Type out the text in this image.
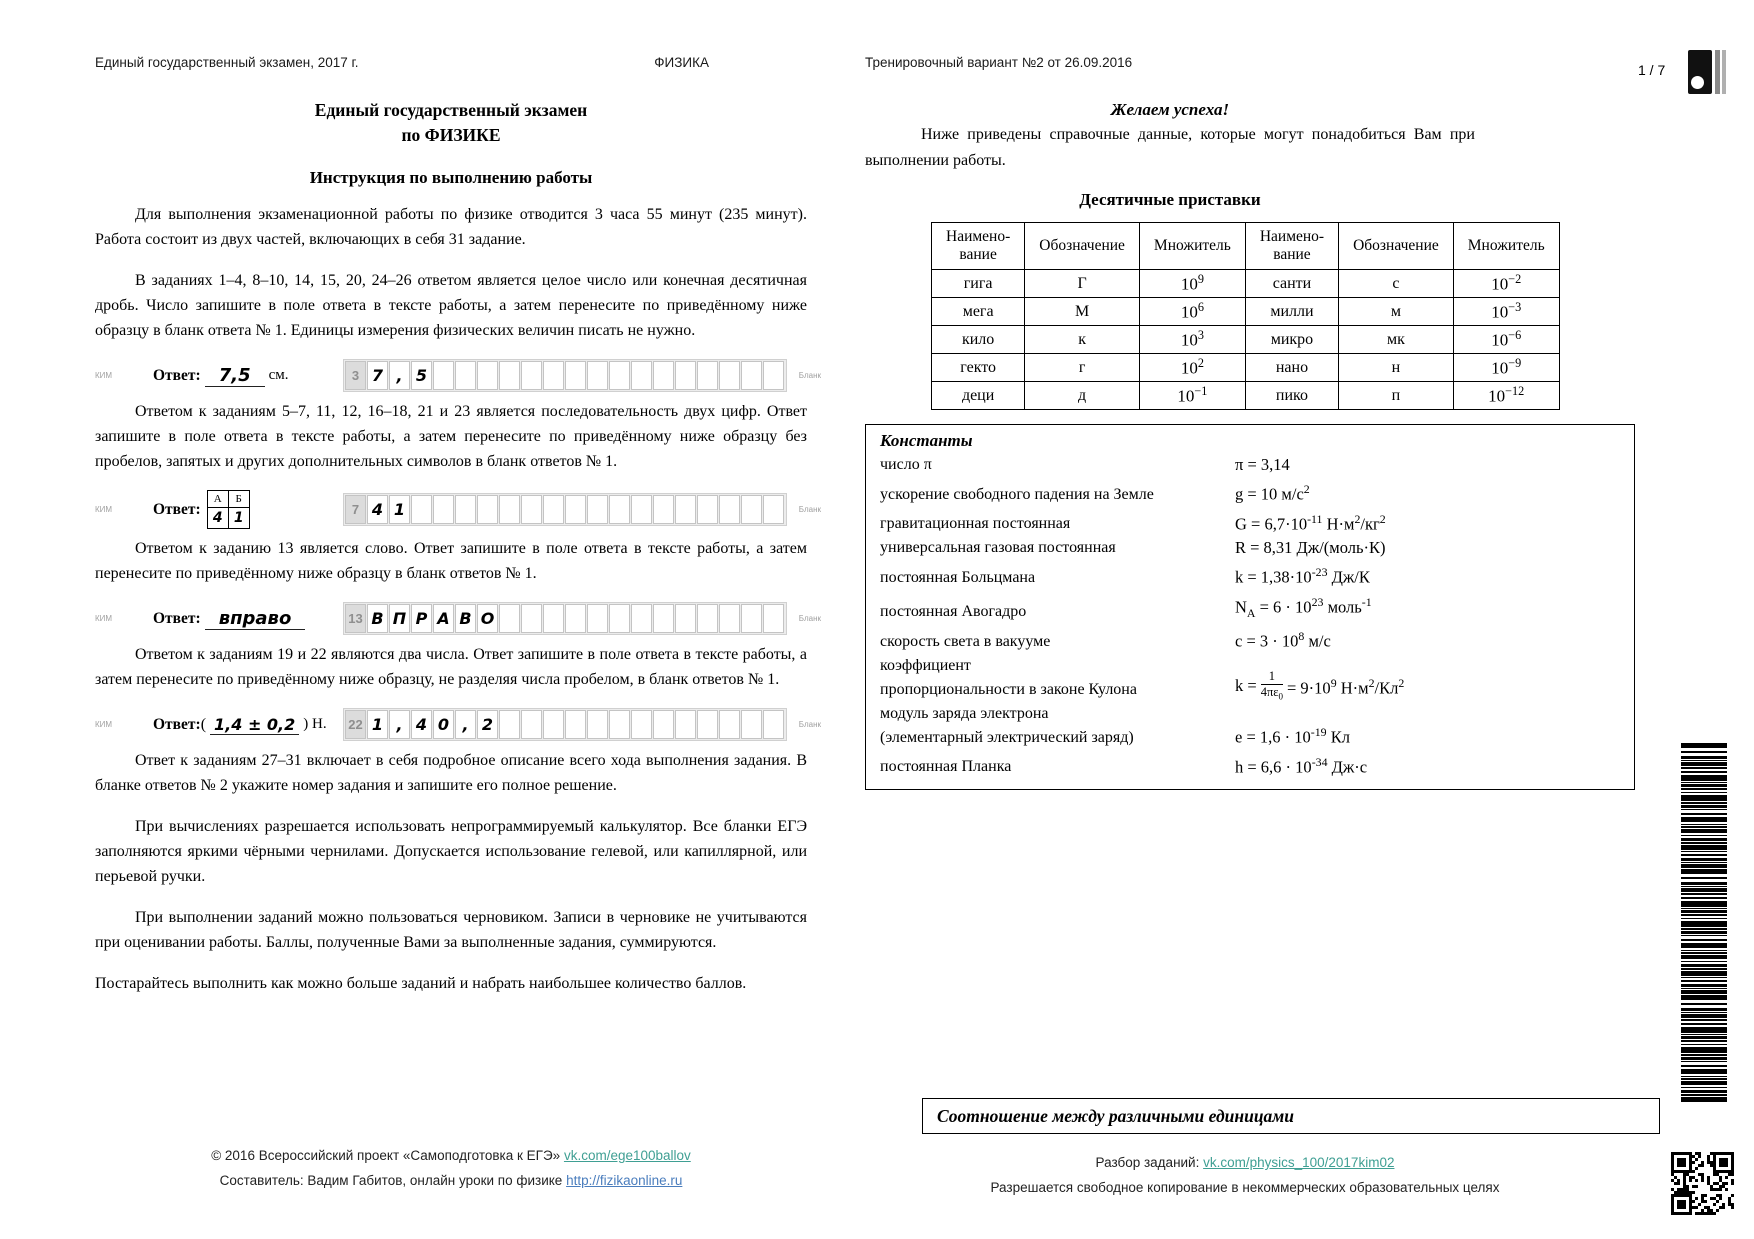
Единый государственный экзамен, 2017 г.	ФИЗИКА
Единый государственный экзамен
по ФИЗИКЕ
Инструкция по выполнению работы

Для выполнения экзаменационной работы по физике отводится 3 часа 55 минут (235 минут). Работа состоит из двух частей, включающих в себя 31 задание.

В заданиях 1–4, 8–10, 14, 15, 20, 24–26 ответом является целое число или конечная десятичная дробь. Число запишите в поле ответа в тексте работы, а затем перенесите по приведённому ниже образцу в бланк ответа № 1. Единицы измерения физических величин писать не нужно.

КИМ	Ответ:	7,5	см.	3 7 , 5	Бланк

Ответом к заданиям 5–7, 11, 12, 16–18, 21 и 23 является последовательность двух цифр. Ответ запишите в поле ответа в тексте работы, а затем перенесите по приведённому ниже образцу без пробелов, запятых и других дополнительных символов в бланк ответов № 1.

КИМ	Ответ:
А	Б
4	1
7 4 1	Бланк

Ответом к заданию 13 является слово. Ответ запишите в поле ответа в тексте работы, а затем перенесите по приведённому ниже образцу в бланк ответов № 1.

КИМ	Ответ:	вправо	13 В П Р А В О	Бланк

Ответом к заданиям 19 и 22 являются два числа. Ответ запишите в поле ответа в тексте работы, а затем перенесите по приведённому ниже образцу, не разделяя числа пробелом, в бланк ответов № 1.

КИМ	Ответ: ( 1,4 ± 0,2 ) Н. 22 1 , 4 0 , 2	Бланк

Ответ к заданиям 27–31 включает в себя подробное описание всего хода выполнения задания. В бланке ответов № 2 укажите номер задания и запишите его полное решение.

При вычислениях разрешается использовать непрограммируемый калькулятор. Все бланки ЕГЭ заполняются яркими чёрными чернилами. Допускается использование гелевой, или капиллярной, или перьевой ручки.

При выполнении заданий можно пользоваться черновиком. Записи в черновике не учитываются при оценивании работы. Баллы, полученные Вами за выполненные задания, суммируются.

Постарайтесь выполнить как можно больше заданий и набрать наибольшее количество баллов.

© 2016 Всероссийский проект «Самоподготовка к ЕГЭ» vk.com/ege100ballov
Составитель: Вадим Габитов, онлайн уроки по физике http://fizikaonline.ru
Тренировочный вариант №2 от 26.09.2016
Желаем успеха!

Ниже приведены справочные данные, которые могут понадобиться Вам при выполнении работы.

Десятичные приставки
Наимено-
вание	Обозначение	Множитель	Наимено-
вание	Обозначение	Множитель
гига	Г	$10^9$	санти	с	$10^{-2}$
мега	М	$10^6$	милли	м	$10^{-3}$
кило	к	$10^3$	микро	мк	$10^{-6}$
гекто	г	$10^2$	нано	н	$10^{-9}$
деци	д	$10^{-1}$	пико	п	$10^{-12}$
Константы
число π	π = 3,14
ускорение свободного падения на Земле	g = 10 $м/с^2$
гравитационная постоянная	$G = 6,7\cdot 10^{-11}$ $Н\cdot м^2/кг^2$
универсальная газовая постоянная	R = 8,31 Дж/(моль·К)
постоянная Больцмана	$k = 1,38\cdot 10^{-23}$ Дж/К
постоянная Авогадро	$N_A = 6 \cdot 10^{23}$ моль$^{-1}$
скорость света в вакууме	$c = 3 \cdot 10^8$ м/с
коэффициент
пропорциональности в законе Кулона	$k = \frac{1}{4\pi\varepsilon_0} = 9\cdot 10^9$ $Н\cdot м^2/Кл^2$
модуль заряда электрона
(элементарный электрический заряд)	$e = 1,6 \cdot 10^{-19}$ Кл
постоянная Планка	$h = 6,6 \cdot 10^{-34}$ Дж·с
Соотношение между различными единицами
Разбор заданий: vk.com/physics_100/2017kim02
Разрешается свободное копирование в некоммерческих образовательных целях
1 / 7
